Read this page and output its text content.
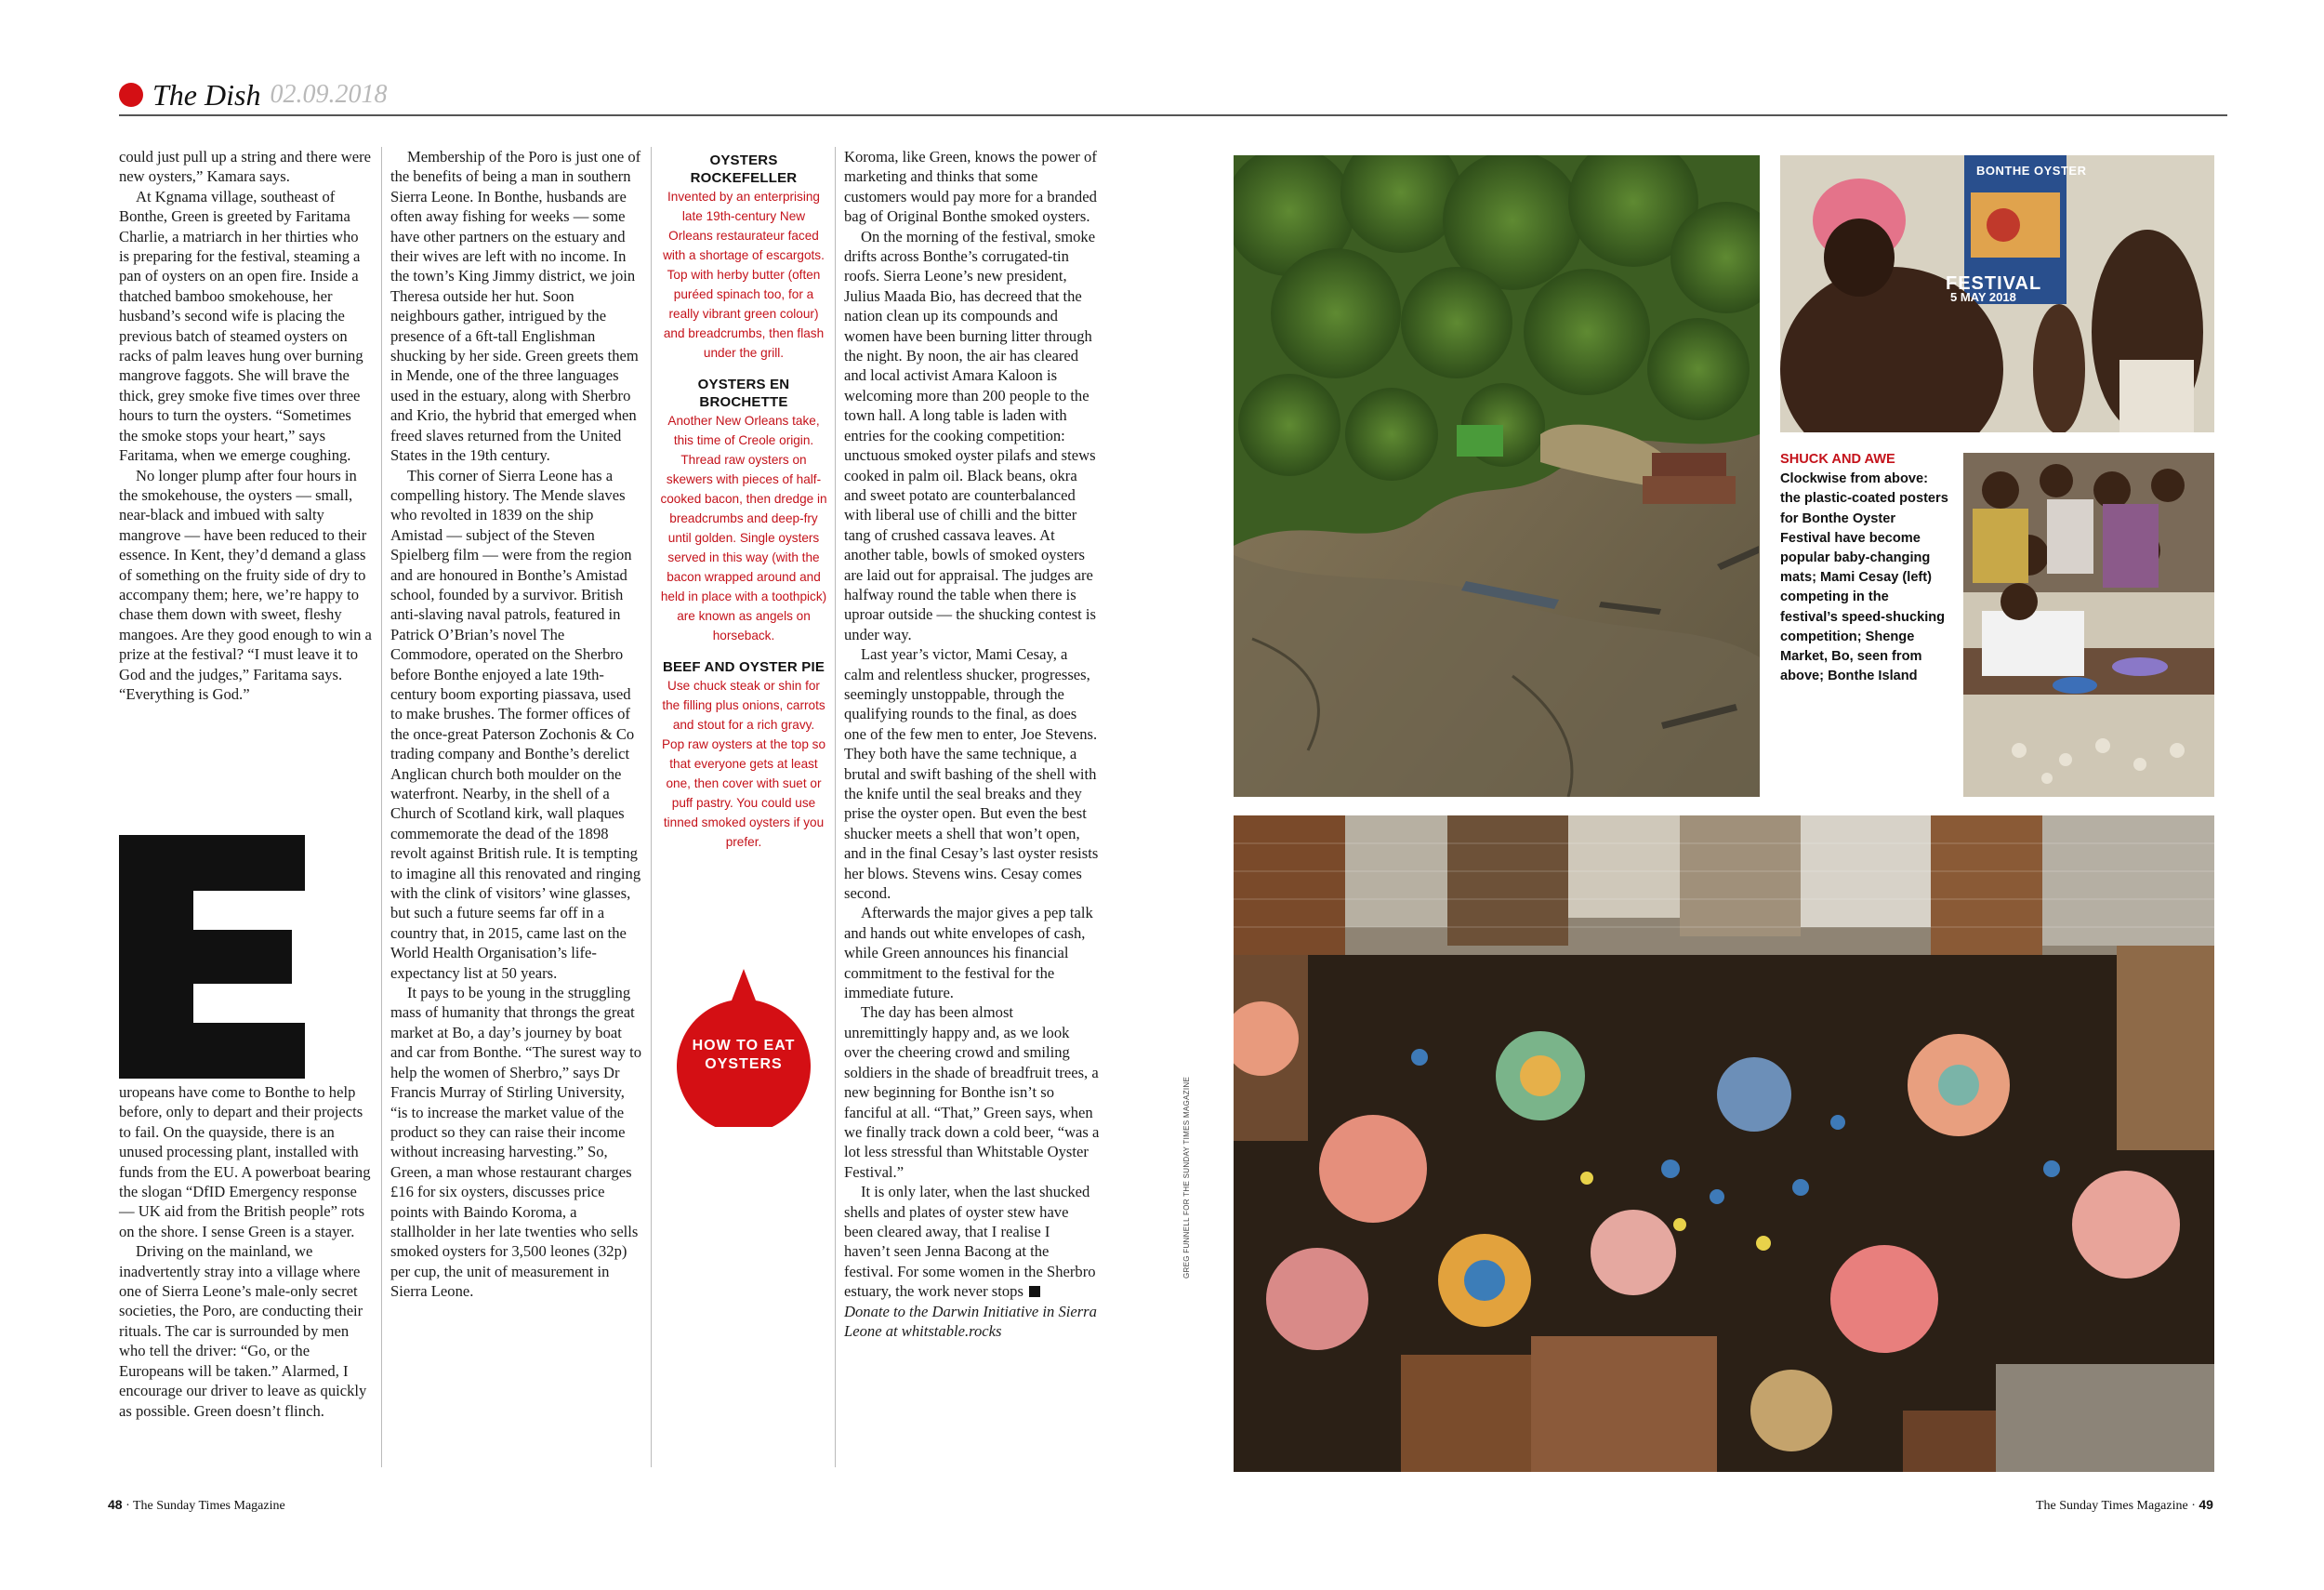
The Dish 02.09.2018

could just pull up a string and there were new oysters,” Kamara says.

At Kgnama village, southeast of Bonthe, Green is greeted by Faritama Charlie, a matriarch in her thirties who is preparing for the festival, steaming a pan of oysters on an open fire. Inside a thatched bamboo smokehouse, her husband’s second wife is placing the previous batch of steamed oysters on racks of palm leaves hung over burning mangrove faggots. She will brave the thick, grey smoke five times over three hours to turn the oysters. “Sometimes the smoke stops your heart,” says Faritama, when we emerge coughing.

No longer plump after four hours in the smokehouse, the oysters — small, near-black and imbued with salty mangrove — have been reduced to their essence. In Kent, they’d demand a glass of something on the fruity side of dry to accompany them; here, we’re happy to chase them down with sweet, fleshy mangoes. Are they good enough to win a prize at the festival? “I must leave it to God and the judges,” Faritama says. “Everything is God.”

E

uropeans have come to Bonthe to help before, only to depart and their projects to fail. On the quayside, there is an unused processing plant, installed with funds from the EU. A powerboat bearing the slogan “DfID Emergency response — UK aid from the British people” rots on the shore. I sense Green is a stayer.

Driving on the mainland, we inadvertently stray into a village where one of Sierra Leone’s male-only secret societies, the Poro, are conducting their rituals. The car is surrounded by men who tell the driver: “Go, or the Europeans will be taken.” Alarmed, I encourage our driver to leave as quickly as possible. Green doesn’t flinch.

Membership of the Poro is just one of the benefits of being a man in southern Sierra Leone. In Bonthe, husbands are often away fishing for weeks — some have other partners on the estuary and their wives are left with no income. In the town’s King Jimmy district, we join Theresa outside her hut. Soon neighbours gather, intrigued by the presence of a 6ft-tall Englishman shucking by her side. Green greets them in Mende, one of the three languages used in the estuary, along with Sherbro and Krio, the hybrid that emerged when freed slaves returned from the United States in the 19th century.

This corner of Sierra Leone has a compelling history. The Mende slaves who revolted in 1839 on the ship Amistad — subject of the Steven Spielberg film — were from the region and are honoured in Bonthe’s Amistad school, founded by a survivor. British anti-slaving naval patrols, featured in Patrick O’Brian’s novel The Commodore, operated on the Sherbro before Bonthe enjoyed a late 19th-century boom exporting piassava, used to make brushes. The former offices of the once-great Paterson Zochonis & Co trading company and Bonthe’s derelict Anglican church both moulder on the waterfront. Nearby, in the shell of a Church of Scotland kirk, wall plaques commemorate the dead of the 1898 revolt against British rule. It is tempting to imagine all this renovated and ringing with the clink of visitors’ wine glasses, but such a future seems far off in a country that, in 2015, came last on the World Health Organisation’s life-expectancy list at 50 years.

It pays to be young in the struggling mass of humanity that throngs the great market at Bo, a day’s journey by boat and car from Bonthe. “The surest way to help the women of Sherbro,” says Dr Francis Murray of Stirling University, “is to increase the market value of the product so they can raise their income without increasing harvesting.” So, Green, a man whose restaurant charges £16 for six oysters, discusses price points with Baindo Koroma, a stallholder in her late twenties who sells smoked oysters for 3,500 leones (32p) per cup, the unit of measurement in Sierra Leone.

OYSTERS ROCKEFELLER
Invented by an enterprising late 19th-century New Orleans restaurateur faced with a shortage of escargots. Top with herby butter (often puréed spinach too, for a really vibrant green colour) and breadcrumbs, then flash under the grill.
OYSTERS EN BROCHETTE
Another New Orleans take, this time of Creole origin. Thread raw oysters on skewers with pieces of half-cooked bacon, then dredge in breadcrumbs and deep-fry until golden. Single oysters served in this way (with the bacon wrapped around and held in place with a toothpick) are known as angels on horseback.
BEEF AND OYSTER PIE
Use chuck steak or shin for the filling plus onions, carrots and stout for a rich gravy. Pop raw oysters at the top so that everyone gets at least one, then cover with suet or puff pastry. You could use tinned smoked oysters if you prefer.
HOW TO EAT
OYSTERS

Koroma, like Green, knows the power of marketing and thinks that some customers would pay more for a branded bag of Original Bonthe smoked oysters.

On the morning of the festival, smoke drifts across Bonthe’s corrugated-tin roofs. Sierra Leone’s new president, Julius Maada Bio, has decreed that the nation clean up its compounds and women have been burning litter through the night. By noon, the air has cleared and local activist Amara Kaloon is welcoming more than 200 people to the town hall. A long table is laden with entries for the cooking competition: unctuous smoked oyster pilafs and stews cooked in palm oil. Black beans, okra and sweet potato are counterbalanced with liberal use of chilli and the bitter tang of crushed cassava leaves. At another table, bowls of smoked oysters are laid out for appraisal. The judges are halfway round the table when there is uproar outside — the shucking contest is under way.

Last year’s victor, Mami Cesay, a calm and relentless shucker, progresses, seemingly unstoppable, through the qualifying rounds to the final, as does one of the few men to enter, Joe Stevens. They both have the same technique, a brutal and swift bashing of the shell with the knife until the seal breaks and they prise the oyster open. But even the best shucker meets a shell that won’t open, and in the final Cesay’s last oyster resists her blows. Stevens wins. Cesay comes second.

Afterwards the major gives a pep talk and hands out white envelopes of cash, while Green announces his financial commitment to the festival for the immediate future.

The day has been almost unremittingly happy and, as we look over the cheering crowd and smiling soldiers in the shade of breadfruit trees, a new beginning for Bonthe isn’t so fanciful at all. “That,” Green says, when we finally track down a cold beer, “was a lot less stressful than Whitstable Oyster Festival.”

It is only later, when the last shucked shells and plates of oyster stew have been cleared away, that I realise I haven’t seen Jenna Bacong at the festival. For some women in the Sherbro estuary, the work never stops

Donate to the Darwin Initiative in Sierra Leone at whitstable.rocks

BONTHE OYSTER
FESTIVAL
5 MAY 2018
SHUCK AND AWE
Clockwise from above: the plastic-coated posters for Bonthe Oyster Festival have become popular baby-changing mats; Mami Cesay (left) competing in the festival’s speed-shucking competition; Shenge Market, Bo, seen from above; Bonthe Island
GREG FUNNELL FOR THE SUNDAY TIMES MAGAZINE
48 · The Sunday Times Magazine	The Sunday Times Magazine · 49
